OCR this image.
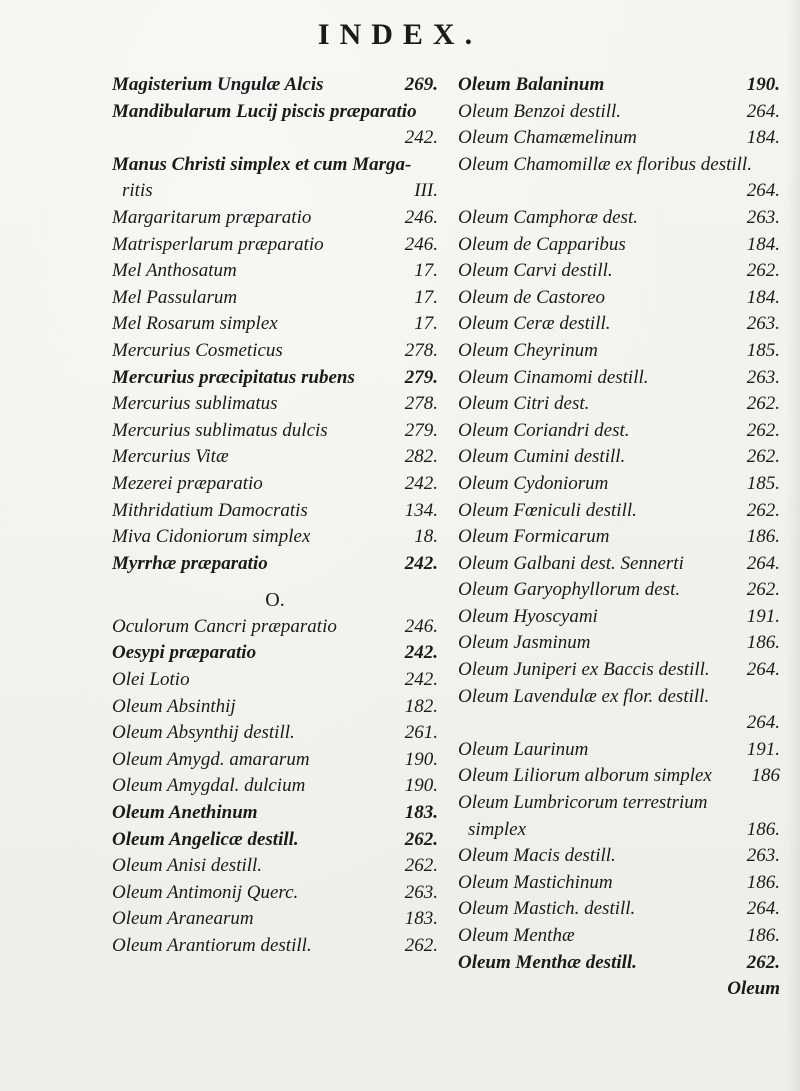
INDEX.
Magisterium Ungulæ Alcis	269.
Mandibularum Lucij piscis præparatio
242.
Manus Christi simplex et cum Marga-
ritis	III.
Margaritarum præparatio	246.
Matrisperlarum præparatio	246.
Mel Anthosatum	17.
Mel Passularum	17.
Mel Rosarum simplex	17.
Mercurius Cosmeticus	278.
Mercurius præcipitatus rubens	279.
Mercurius sublimatus	278.
Mercurius sublimatus dulcis	279.
Mercurius Vitæ	282.
Mezerei præparatio	242.
Mithridatium Damocratis	134.
Miva Cidoniorum simplex	18.
Myrrhæ præparatio	242.
O.
Oculorum Cancri præparatio	246.
Oesypi præparatio	242.
Olei Lotio	242.
Oleum Absinthij	182.
Oleum Absynthij destill.	261.
Oleum Amygd. amararum	190.
Oleum Amygdal. dulcium	190.
Oleum Anethinum	183.
Oleum Angelicæ destill.	262.
Oleum Anisi destill.	262.
Oleum Antimonij Querc.	263.
Oleum Aranearum	183.
Oleum Arantiorum destill.	262.
Oleum Balaninum	190.
Oleum Benzoi destill.	264.
Oleum Chamæmelinum	184.
Oleum Chamomillæ ex floribus destill.
264.
Oleum Camphoræ dest.	263.
Oleum de Capparibus	184.
Oleum Carvi destill.	262.
Oleum de Castoreo	184.
Oleum Ceræ destill.	263.
Oleum Cheyrinum	185.
Oleum Cinamomi destill.	263.
Oleum Citri dest.	262.
Oleum Coriandri dest.	262.
Oleum Cumini destill.	262.
Oleum Cydoniorum	185.
Oleum Fœniculi destill.	262.
Oleum Formicarum	186.
Oleum Galbani dest. Sennerti	264.
Oleum Garyophyllorum dest.	262.
Oleum Hyoscyami	191.
Oleum Jasminum	186.
Oleum Juniperi ex Baccis destill.	264.
Oleum Lavendulæ ex flor. destill.
264.
Oleum Laurinum	191.
Oleum Liliorum alborum simplex	186
Oleum Lumbricorum terrestrium
simplex	186.
Oleum Macis destill.	263.
Oleum Mastichinum	186.
Oleum Mastich. destill.	264.
Oleum Menthæ	186.
Oleum Menthæ destill.	262.
Oleum
